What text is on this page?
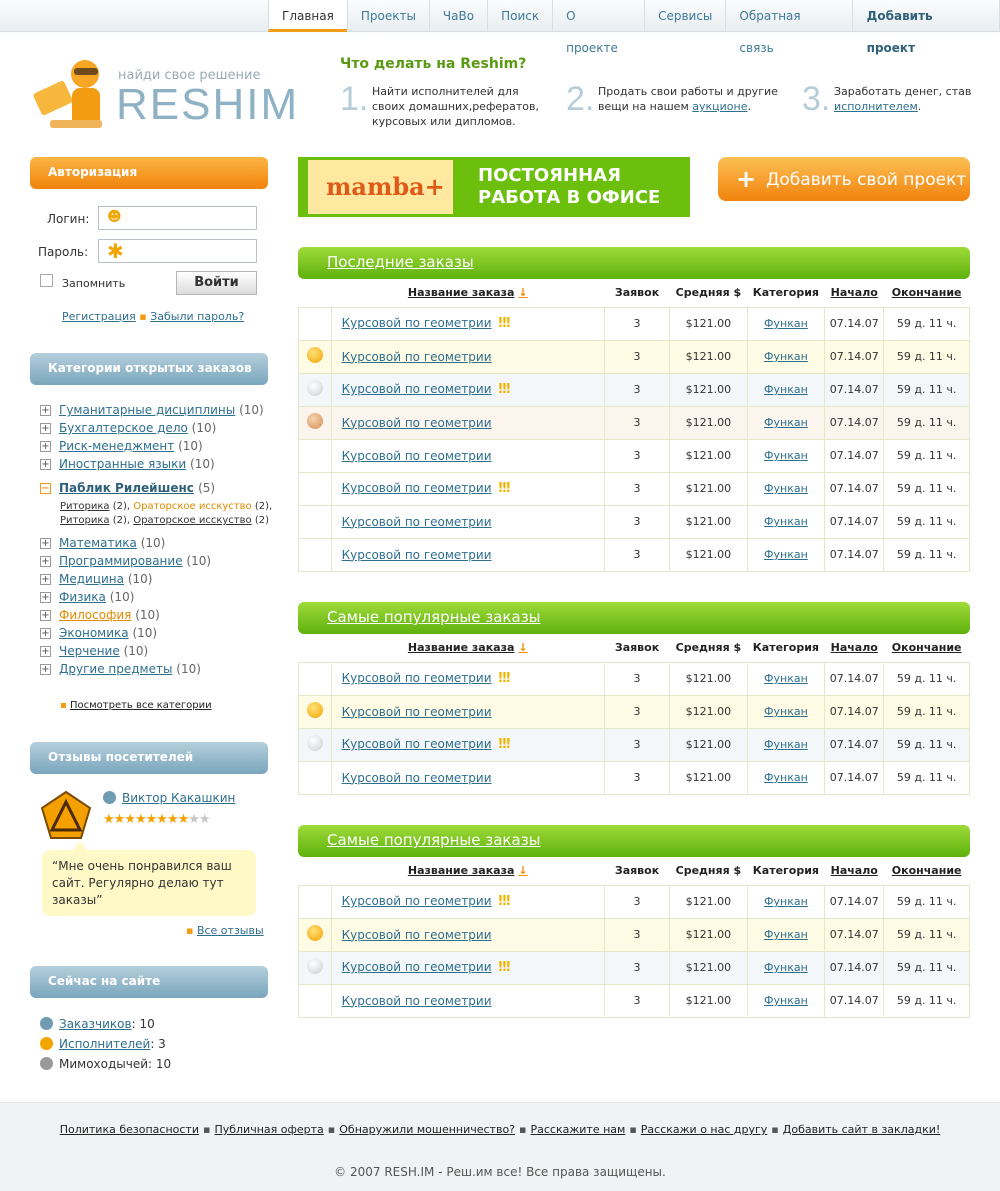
Главная	Проекты	ЧаВо	Поиск	О проекте
Сервисы	Обратная связь
Добавить проект
найди свое решение
RESHIM
Что делать на Reshim?
1. Найти исполнителей для своих домашних,рефератов, курсовых или дипломов.
2. Продать свои работы и другие вещи на нашем аукционе.	3. Заработать денег, став исполнителем.
Авторизация
Логин: ☻
Пароль: ✱
Запомнить	Войти
Регистрация ▪ Забыли пароль?
Категории открытых заказов
+ Гуманитарные дисциплины (10)
+ Бухгалтерское дело (10)
+ Риск-менеджмент (10)
+ Иностранные языки (10)
− Паблик Рилейшенс (5)
Риторика (2), Ораторское исскуство (2),
Риторика (2), Ораторское исскуство (2)
+ Математика (10)
+ Программирование (10)
+ Медицина (10)
+ Физика (10)
+ Философия (10)
+ Экономика (10)
+ Черчение (10)
+ Другие предметы (10)
▪ Посмотреть все категории
Отзывы посетителей
Виктор Какашкин
★★★★★★★★★★
“Мне очень понравился ваш сайт. Регулярно делаю тут заказы”
▪ Все отзывы
Сейчас на сайте
Заказчиков: 10
Исполнителей: 3
Мимоходычей: 10
mamba+	ПОСТОЯННАЯ
РАБОТА В ОФИСЕ
+ Добавить свой проект
Последние заказы
	Название заказа ↓	Заявок	Средняя $	Категория	Начало	Окончание
	Курсовой по геометрии !!!	3	$121.00	Функан	07.14.07	59 д. 11 ч.
	Курсовой по геометрии	3	$121.00	Функан	07.14.07	59 д. 11 ч.
	Курсовой по геометрии !!!	3	$121.00	Функан	07.14.07	59 д. 11 ч.
	Курсовой по геометрии	3	$121.00	Функан	07.14.07	59 д. 11 ч.
	Курсовой по геометрии	3	$121.00	Функан	07.14.07	59 д. 11 ч.
	Курсовой по геометрии !!!	3	$121.00	Функан	07.14.07	59 д. 11 ч.
	Курсовой по геометрии	3	$121.00	Функан	07.14.07	59 д. 11 ч.
	Курсовой по геометрии	3	$121.00	Функан	07.14.07	59 д. 11 ч.
Самые популярные заказы
	Название заказа ↓	Заявок	Средняя $	Категория	Начало	Окончание
	Курсовой по геометрии !!!	3	$121.00	Функан	07.14.07	59 д. 11 ч.
	Курсовой по геометрии	3	$121.00	Функан	07.14.07	59 д. 11 ч.
	Курсовой по геометрии !!!	3	$121.00	Функан	07.14.07	59 д. 11 ч.
	Курсовой по геометрии	3	$121.00	Функан	07.14.07	59 д. 11 ч.
Самые популярные заказы
	Название заказа ↓	Заявок	Средняя $	Категория	Начало	Окончание
	Курсовой по геометрии !!!	3	$121.00	Функан	07.14.07	59 д. 11 ч.
	Курсовой по геометрии	3	$121.00	Функан	07.14.07	59 д. 11 ч.
	Курсовой по геометрии !!!	3	$121.00	Функан	07.14.07	59 д. 11 ч.
	Курсовой по геометрии	3	$121.00	Функан	07.14.07	59 д. 11 ч.
Политика безопасности ▪ Публичная оферта ▪ Обнаружили мошенничество? ▪ Расскажите нам ▪ Расскажи о нас другу ▪ Добавить сайт в закладки!
© 2007 RESH.IM - Реш.им все! Все права защищены.
